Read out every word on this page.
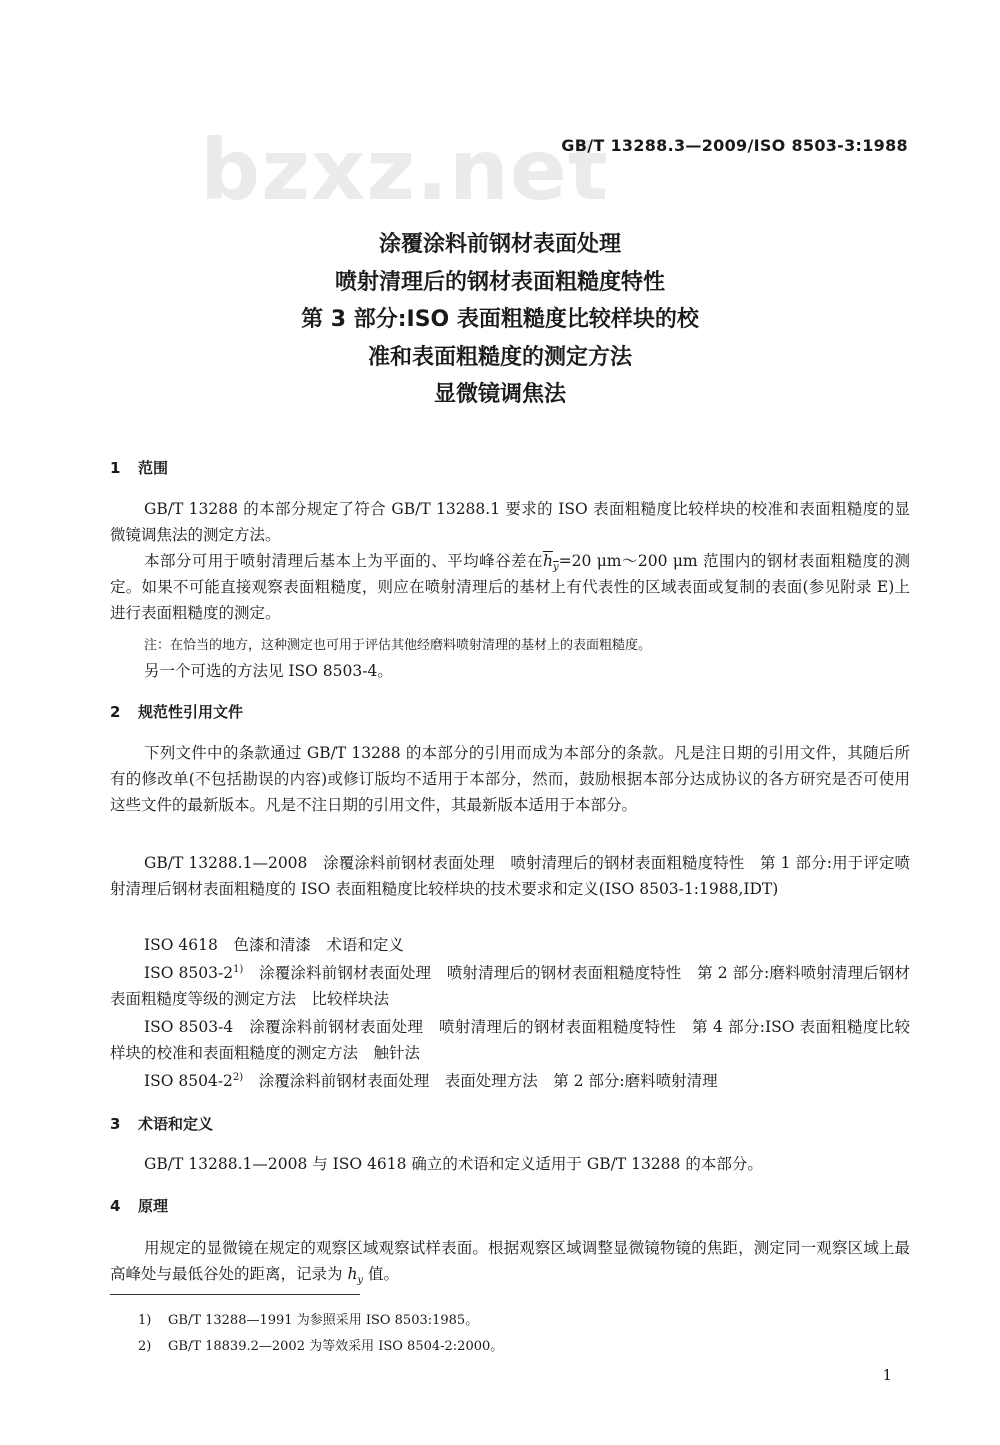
bzxz.net
GB/T 13288.3—2009/ISO 8503-3:1988
涂覆涂料前钢材表面处理
喷射清理后的钢材表面粗糙度特性
第 3 部分:ISO 表面粗糙度比较样块的校
准和表面粗糙度的测定方法
显微镜调焦法
1 范围
GB/T 13288 的本部分规定了符合 GB/T 13288.1 要求的 ISO 表面粗糙度比较样块的校准和表面粗糙度的显微镜调焦法的测定方法。
本部分可用于喷射清理后基本上为平面的、平均峰谷差在$h_y=20$ μm～200 μm 范围内的钢材表面粗糙度的测定。如果不可能直接观察表面粗糙度，则应在喷射清理后的基材上有代表性的区域表面或复制的表面(参见附录 E)上进行表面粗糙度的测定。
注：在恰当的地方，这种测定也可用于评估其他经磨料喷射清理的基材上的表面粗糙度。
另一个可选的方法见 ISO 8503-4。
2 规范性引用文件
下列文件中的条款通过 GB/T 13288 的本部分的引用而成为本部分的条款。凡是注日期的引用文件，其随后所有的修改单(不包括勘误的内容)或修订版均不适用于本部分，然而，鼓励根据本部分达成协议的各方研究是否可使用这些文件的最新版本。凡是不注日期的引用文件，其最新版本适用于本部分。
GB/T 13288.1—2008　 涂覆涂料前钢材表面处理　喷射清理后的钢材表面粗糙度特性　第 1 部分:用于评定喷射清理后钢材表面粗糙度的 ISO 表面粗糙度比较样块的技术要求和定义(ISO 8503-1:1988,IDT)
ISO 4618　 色漆和清漆　术语和定义
ISO 8503-2$^{1)}$　 涂覆涂料前钢材表面处理　喷射清理后的钢材表面粗糙度特性　第 2 部分:磨料喷射清理后钢材表面粗糙度等级的测定方法　比较样块法
ISO 8503-4　 涂覆涂料前钢材表面处理　喷射清理后的钢材表面粗糙度特性　第 4 部分:ISO 表面粗糙度比较样块的校准和表面粗糙度的测定方法　触针法
ISO 8504-2$^{2)}$　 涂覆涂料前钢材表面处理　表面处理方法　第 2 部分:磨料喷射清理
3 术语和定义
GB/T 13288.1—2008 与 ISO 4618 确立的术语和定义适用于 GB/T 13288 的本部分。
4 原理
用规定的显微镜在规定的观察区域观察试样表面。根据观察区域调整显微镜物镜的焦距，测定同一观察区域上最高峰处与最低谷处的距离，记录为 $h_y$ 值。
1) GB/T 13288—1991 为参照采用 ISO 8503:1985。
2) GB/T 18839.2—2002 为等效采用 ISO 8504-2:2000。
1
